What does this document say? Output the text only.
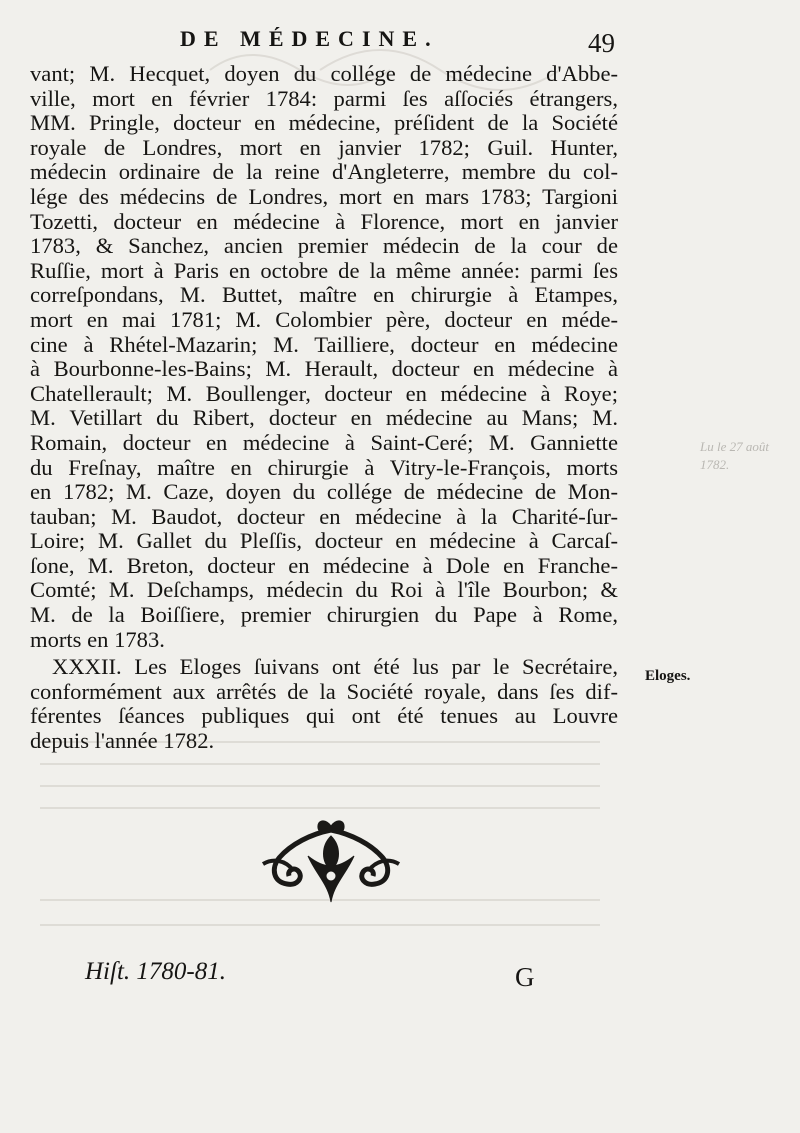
DE MÉDECINE.	49
vant; M. Hecquet, doyen du collége de médecine d'Abbe-
ville, mort en février 1784: parmi ſes aſſociés étrangers,
MM. Pringle, docteur en médecine, préſident de la Société
royale de Londres, mort en janvier 1782; Guil. Hunter,
médecin ordinaire de la reine d'Angleterre, membre du col-
lége des médecins de Londres, mort en mars 1783; Targioni
Tozetti, docteur en médecine à Florence, mort en janvier
1783, & Sanchez, ancien premier médecin de la cour de
Ruſſie, mort à Paris en octobre de la même année: parmi ſes
correſpondans, M. Buttet, maître en chirurgie à Etampes,
mort en mai 1781; M. Colombier père, docteur en méde-
cine à Rhétel-Mazarin; M. Tailliere, docteur en médecine
à Bourbonne-les-Bains; M. Herault, docteur en médecine à
Chatellerault; M. Boullenger, docteur en médecine à Roye;
M. Vetillart du Ribert, docteur en médecine au Mans; M.
Romain, docteur en médecine à Saint-Ceré; M. Ganniette
du Freſnay, maître en chirurgie à Vitry-le-François, morts
en 1782; M. Caze, doyen du collége de médecine de Mon-
tauban; M. Baudot, docteur en médecine à la Charité-ſur-
Loire; M. Gallet du Pleſſis, docteur en médecine à Carcaſ-
ſone, M. Breton, docteur en médecine à Dole en Franche-
Comté; M. Deſchamps, médecin du Roi à l'île Bourbon; &
M. de la Boiſſiere, premier chirurgien du Pape à Rome,
morts en 1783.
XXXII. Les Eloges ſuivans ont été lus par le Secrétaire,
conformément aux arrêtés de la Société royale, dans ſes dif-
férentes ſéances publiques qui ont été tenues au Louvre
depuis l'année 1782.
Lu le 27 août
1782.
Eloges.
Hiſt. 1780-81.	G
